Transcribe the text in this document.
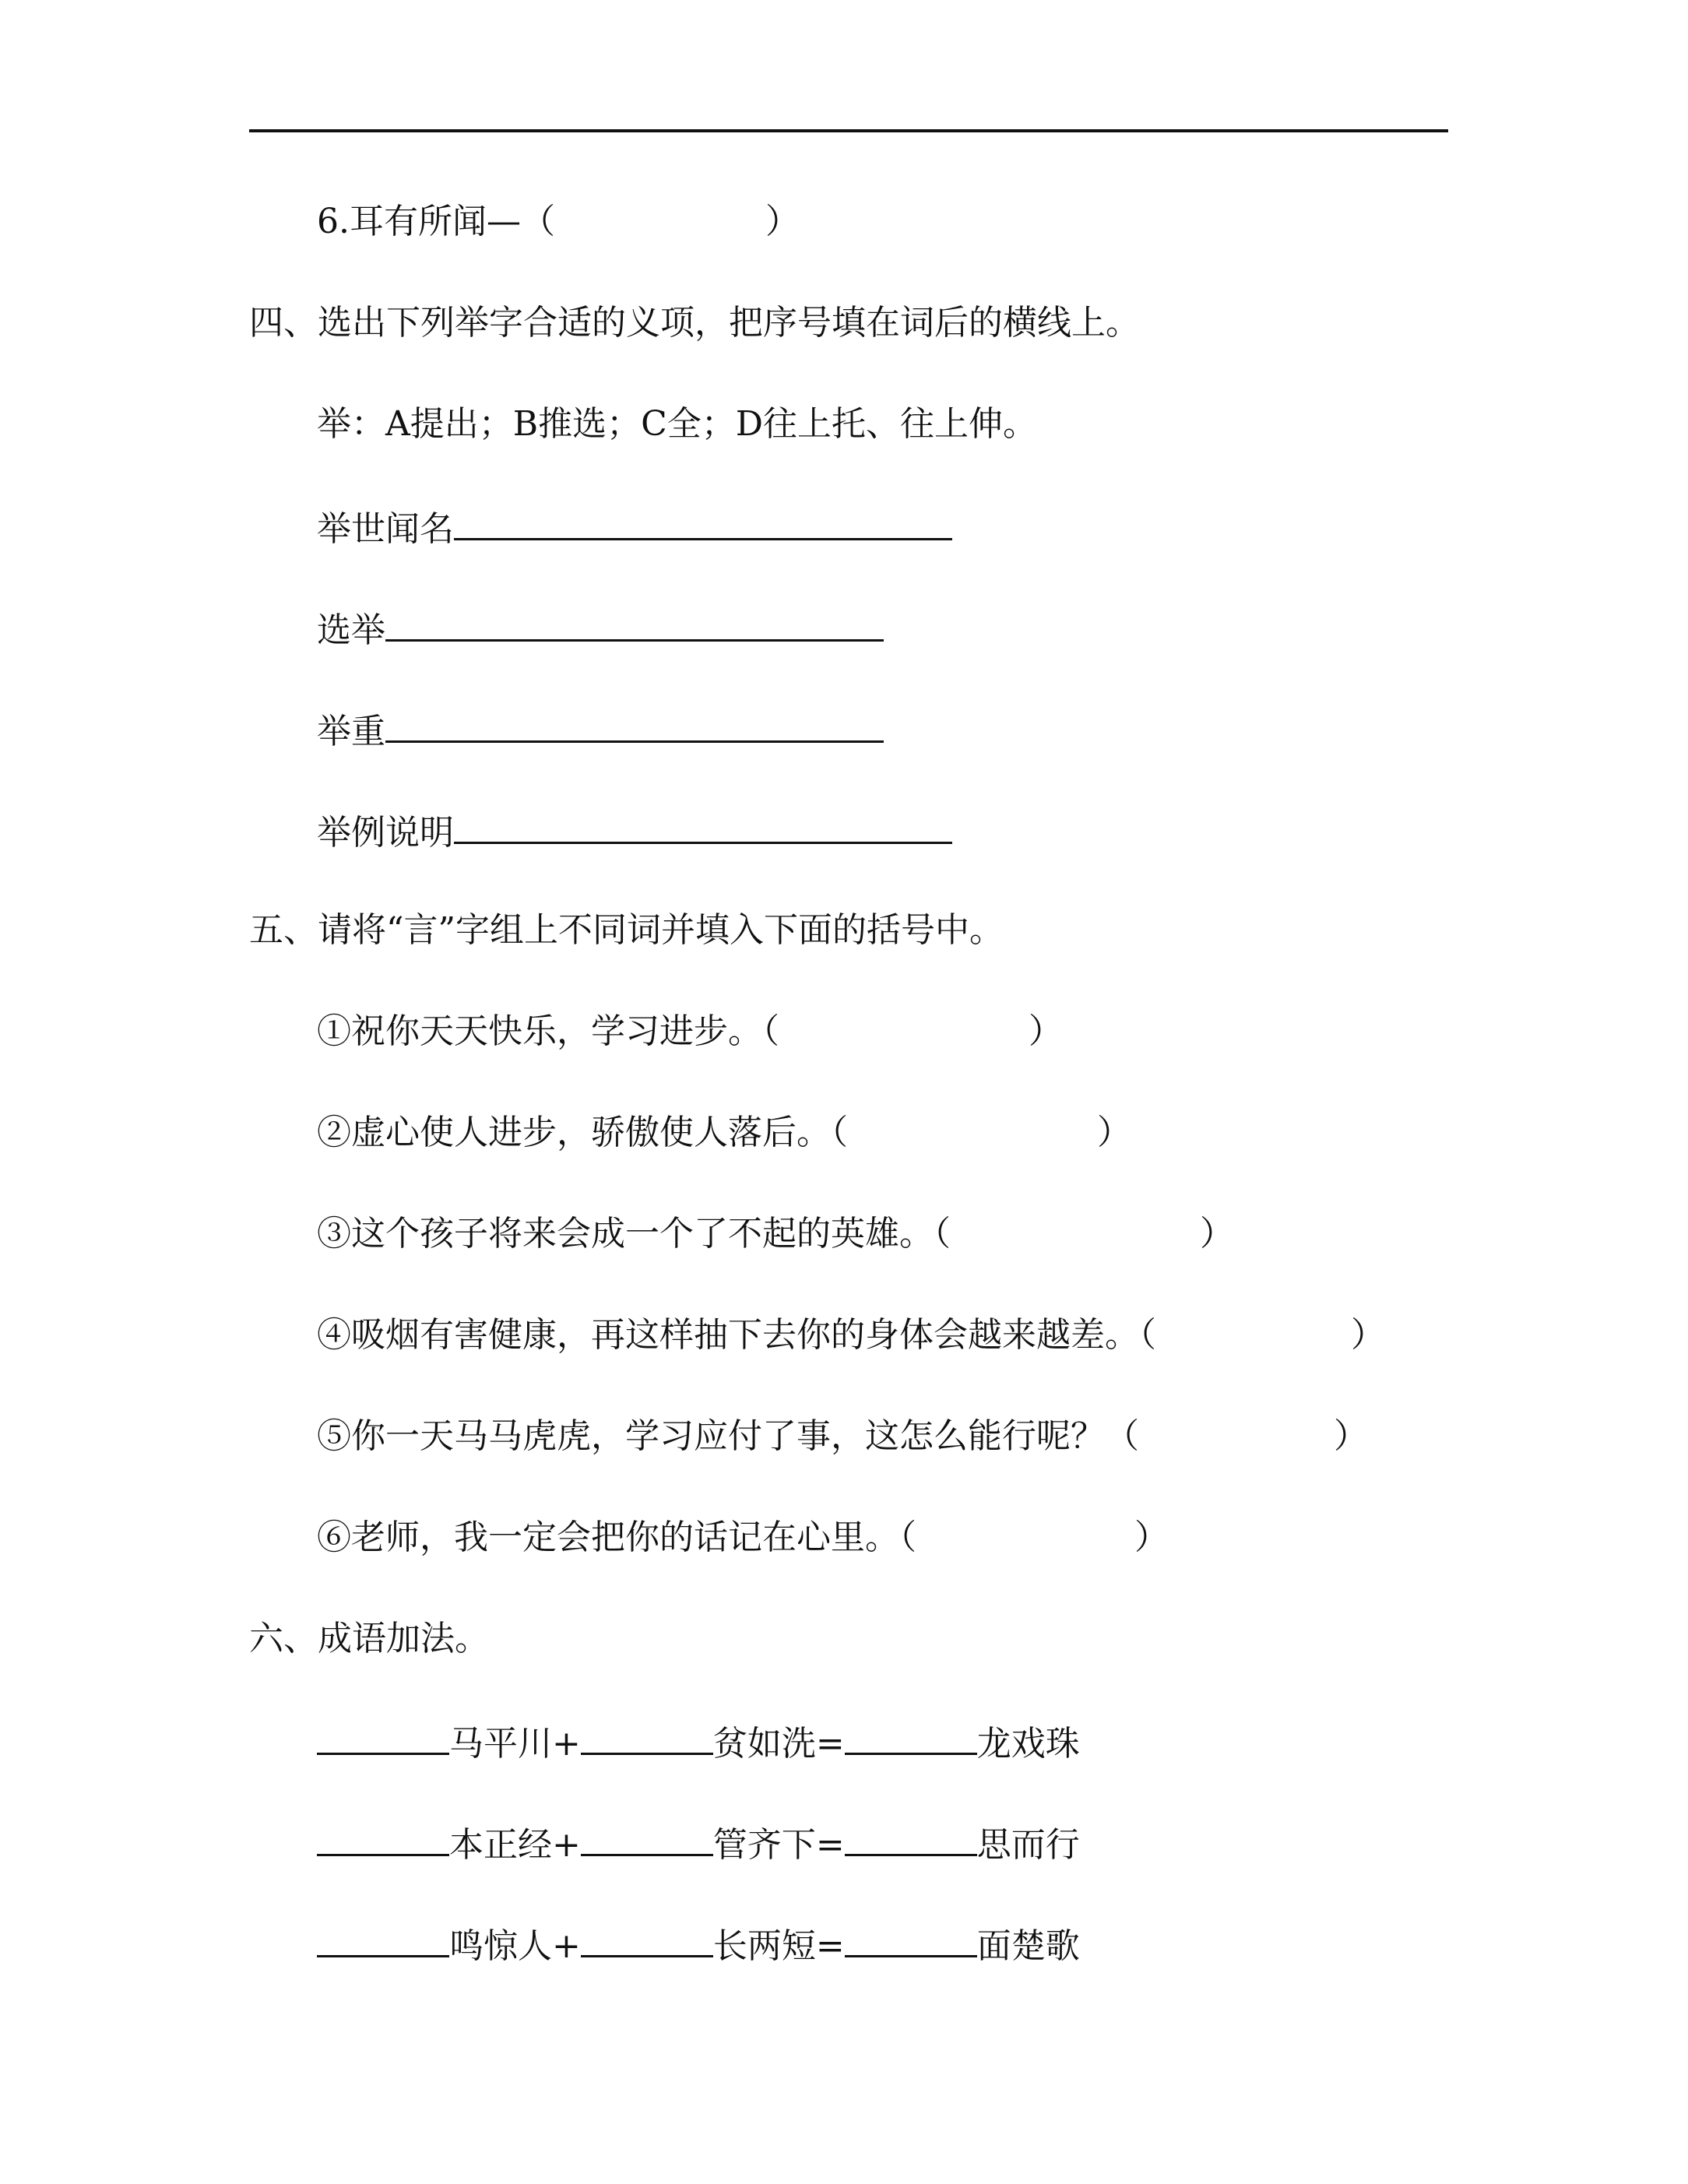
6.耳有所闻—（	）
四、选出下列举字合适的义项，把序号填在词后的横线上。
举：A提出；B推选；C全；D往上托、往上伸。
举世闻名
选举
举重
举例说明
五、请将“言”字组上不同词并填入下面的括号中。
①祝你天天快乐，学习进步。（	）
②虚心使人进步，骄傲使人落后。（	）
③这个孩子将来会成一个了不起的英雄。（	）
④吸烟有害健康，再这样抽下去你的身体会越来越差。（	）
⑤你一天马马虎虎，学习应付了事，这怎么能行呢？（	）
⑥老师，我一定会把你的话记在心里。（	）
六、成语加法。
马平川+	贫如洗=	龙戏珠
本正经+	管齐下=	思而行
鸣惊人+	长两短=	面楚歌
